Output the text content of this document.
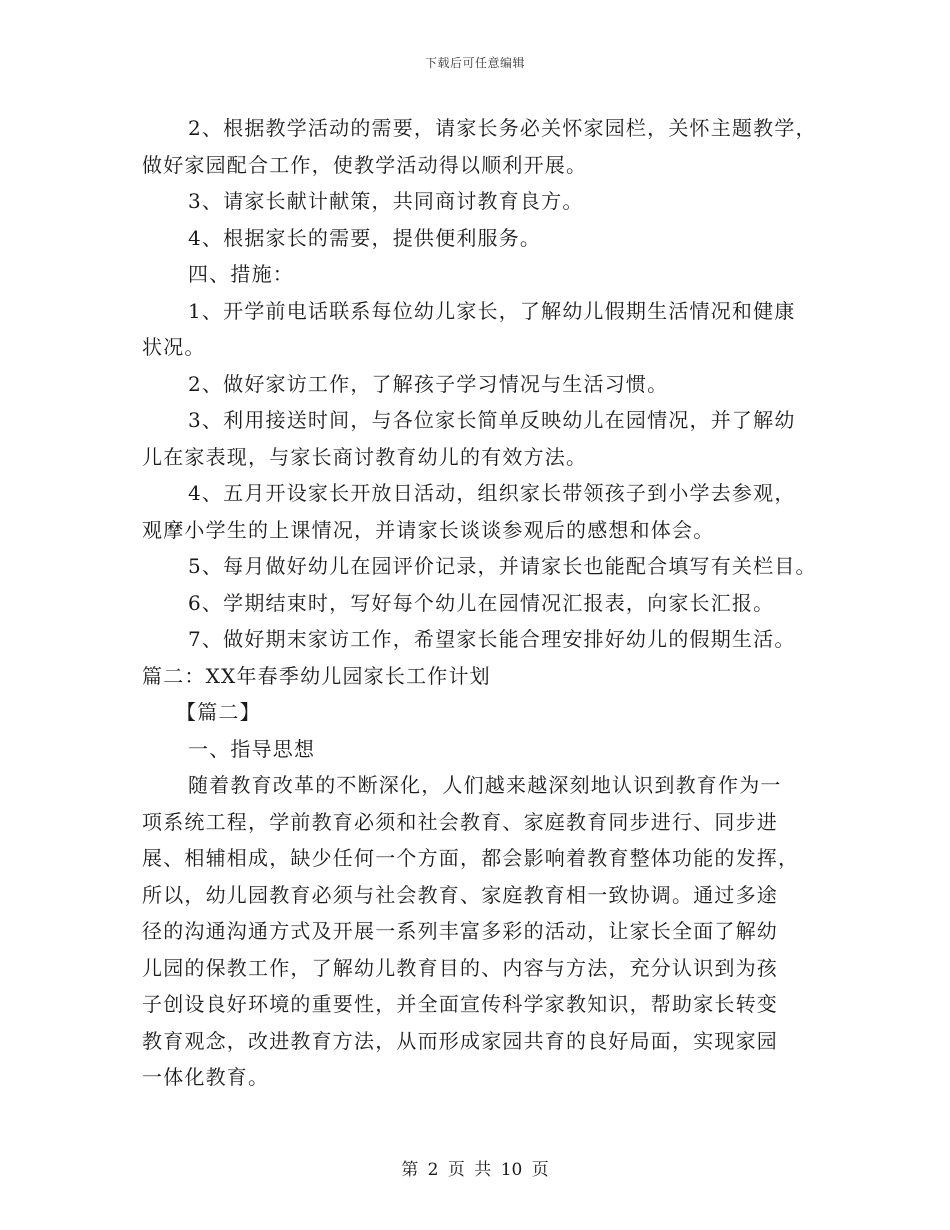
下载后可任意编辑
2、根据教学活动的需要，请家长务必关怀家园栏，关怀主题教学，
做好家园配合工作，使教学活动得以顺利开展。
3、请家长献计献策，共同商讨教育良方。
4、根据家长的需要，提供便利服务。
四、措施：
1、开学前电话联系每位幼儿家长，了解幼儿假期生活情况和健康
状况。
2、做好家访工作，了解孩子学习情况与生活习惯。
3、利用接送时间，与各位家长简单反映幼儿在园情况，并了解幼
儿在家表现，与家长商讨教育幼儿的有效方法。
4、五月开设家长开放日活动，组织家长带领孩子到小学去参观，
观摩小学生的上课情况，并请家长谈谈参观后的感想和体会。
5、每月做好幼儿在园评价记录，并请家长也能配合填写有关栏目。
6、学期结束时，写好每个幼儿在园情况汇报表，向家长汇报。
7、做好期末家访工作，希望家长能合理安排好幼儿的假期生活。
篇二：XX年春季幼儿园家长工作计划
【篇二】
一、指导思想
随着教育改革的不断深化，人们越来越深刻地认识到教育作为一
项系统工程，学前教育必须和社会教育、家庭教育同步进行、同步进
展、相辅相成，缺少任何一个方面，都会影响着教育整体功能的发挥，
所以，幼儿园教育必须与社会教育、家庭教育相一致协调。通过多途
径的沟通沟通方式及开展一系列丰富多彩的活动，让家长全面了解幼
儿园的保教工作，了解幼儿教育目的、内容与方法，充分认识到为孩
子创设良好环境的重要性，并全面宣传科学家教知识，帮助家长转变
教育观念，改进教育方法，从而形成家园共育的良好局面，实现家园
一体化教育。
第 2 页 共 10 页
